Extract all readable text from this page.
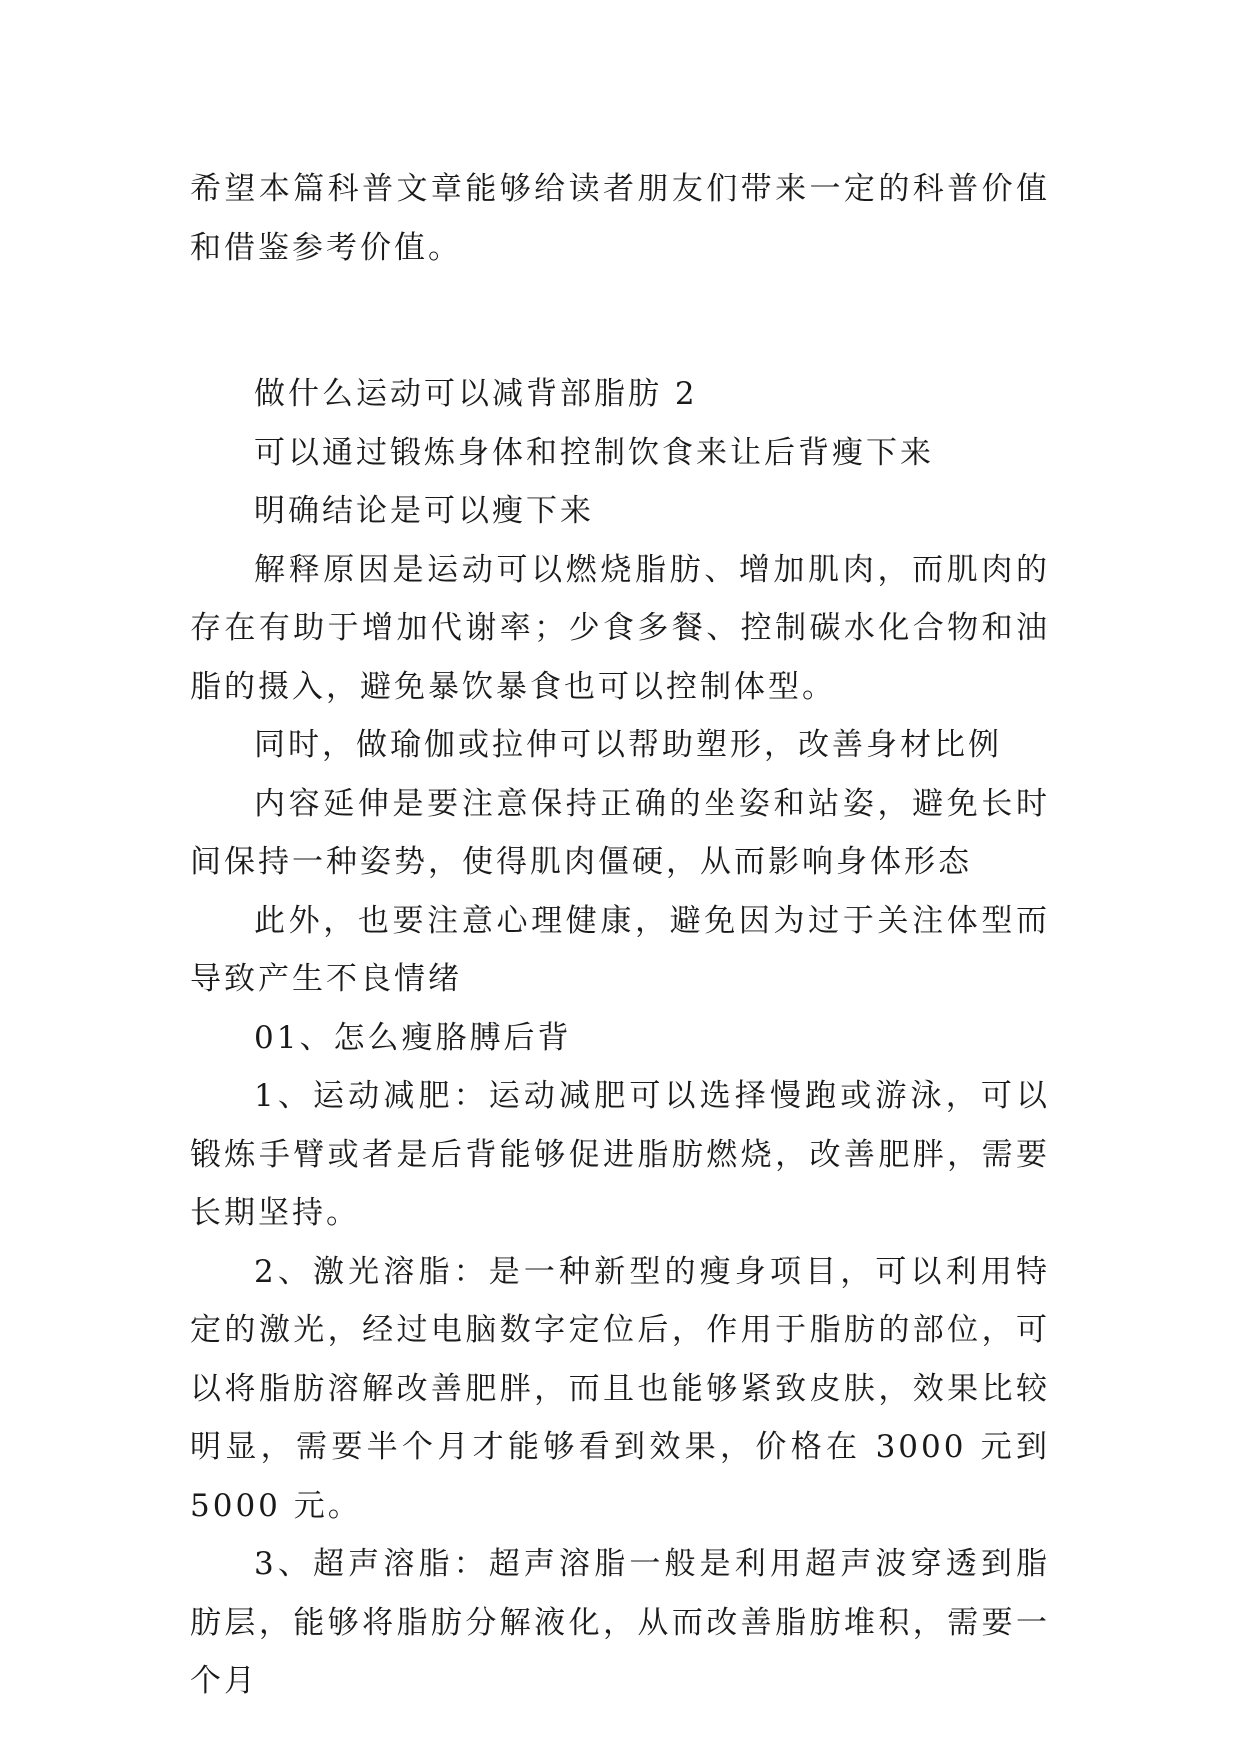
希望本篇科普文章能够给读者朋友们带来一定的科普价值和借鉴参考价值。

做什么运动可以减背部脂肪 2

可以通过锻炼身体和控制饮食来让后背瘦下来

明确结论是可以瘦下来

解释原因是运动可以燃烧脂肪、增加肌肉，而肌肉的存在有助于增加代谢率；少食多餐、控制碳水化合物和油脂的摄入，避免暴饮暴食也可以控制体型。

同时，做瑜伽或拉伸可以帮助塑形，改善身材比例

内容延伸是要注意保持正确的坐姿和站姿，避免长时间保持一种姿势，使得肌肉僵硬，从而影响身体形态

此外，也要注意心理健康，避免因为过于关注体型而导致产生不良情绪

01、怎么瘦胳膊后背

1、运动减肥：运动减肥可以选择慢跑或游泳，可以锻炼手臂或者是后背能够促进脂肪燃烧，改善肥胖，需要长期坚持。

2、激光溶脂：是一种新型的瘦身项目，可以利用特定的激光，经过电脑数字定位后，作用于脂肪的部位，可以将脂肪溶解改善肥胖，而且也能够紧致皮肤，效果比较明显，需要半个月才能够看到效果，价格在 3000 元到 5000 元。

3、超声溶脂：超声溶脂一般是利用超声波穿透到脂肪层，能够将脂肪分解液化，从而改善脂肪堆积，需要一个月
